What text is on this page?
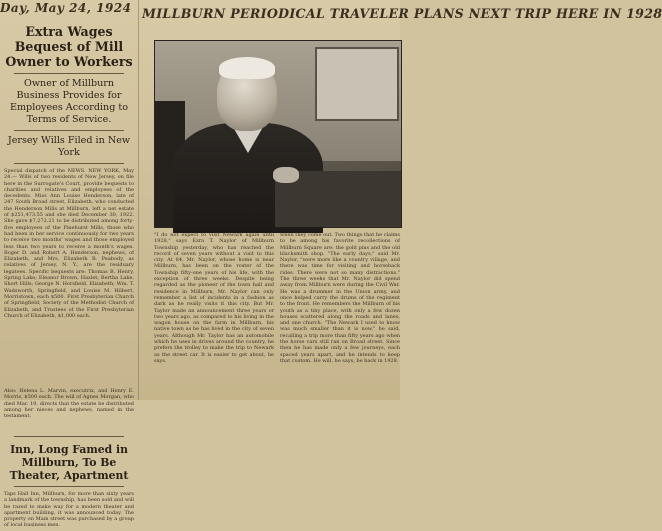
Day, May 24, 1924
Extra Wages Bequest of Mill Owner to Workers
Owner of Millburn Business Provides for Employees According to Terms of Service.
Jersey Wills Filed in New York
Special dispatch of the NEWS. NEW YORK, May 24.— Wills of two residents of New Jersey, on file here in the Surrogate's Court, provide bequests to charities and relatives and employees of the decedents. Miss Ann Louise Henderson, late of 247 South Broad street, Elizabeth, who conducted the Henderson Mills at Millburn, left a net estate of $251,473.55 and she died December 30, 1922. She gave $7,272.21 to be distributed among forty-five employees of the Pinehurst Mills, those who had been in her service continuously for two years to receive two months' wages and those employed less than two years to receive a month's wages. Roger D. and Robert A. Henderson, nephews, of Elizabeth, and Mrs. Elizabeth R. Peabody, as relatives of Jersey, N. Y., are the residuary legatees. Specific bequests are: Thomas B. Henry, Spring Lake; Eleanor Brown, Hazlet; Bertha Lake, Short Hills; George N. Horsfield, Elizabeth; Wm. T. Wadsworth, Springfield, and Louise M. Hilbert, Morristown, each $500. First Presbyterian Church of Springfield, Society of the Methodist Church of Elizabeth, and Trustees of the First Presbyterian Church of Elizabeth, $1,000 each.
Also: Helena L. Marvin, executrix, and Henry E. Morris, $500 each. The will of Agnes Morgan, who died Mar. 19, directs that the estate be distributed among her nieces and nephews, named in the testament.
Inn, Long Famed in Millburn, To Be Theater, Apartment
Taps Hall Inn, Millburn, for more than sixty years a landmark of the township, has been sold and will be razed to make way for a modern theater and apartment building, it was announced today. The property on Main street was purchased by a group of local business men.
MILLBURN PERIODICAL TRAVELER PLANS NEXT TRIP HERE IN 1928
"I do not expect to visit Newark again until 1928," says Ezra T. Naylor of Millburn Township yesterday, who has reached the record of seven years without a visit to this city. At 84, Mr. Naylor, whose home is near Millburn, has been on the roster of the Township fifty-one years of his life, with the exception of three weeks. Despite being regarded as the pioneer of the town hall and residence in Millburn, Mr. Naylor can only remember a list of incidents in a fashion as dark as he really visits it this city. But Mr. Taylor made an announcement three years or two years ago, as compared to his living in the wagon house on the farm in Millburn, his native town as he has lived in the city of seven years. Although Mr. Taylor has an automobile which he uses in drives around the country, he prefers the trolley to make the trip to Newark as the street car. It is easier to get about, he says.
when they come out. Two things that he claims to be among his favorite recollections of Millburn Square are: the gold pins and the old blacksmith shop. "The early days," said Mr. Naylor, "were more like a country village, and there was time for visiting and horseback rides. There were not so many distractions." The three weeks that Mr. Naylor did spend away from Millburn were during the Civil War. He was a drummer in the Union army, and once helped carry the drums of the regiment to the front. He remembers the Millburn of his youth as a tiny place, with only a few dozen houses scattered along the roads and lanes, and one church. "The Newark I used to know was much smaller than it is now," he said, recalling a trip more than fifty years ago when the horse cars still ran on Broad street. Since then he has made only a few journeys, each spaced years apart, and he intends to keep that custom. He will, he says, be back in 1928.
